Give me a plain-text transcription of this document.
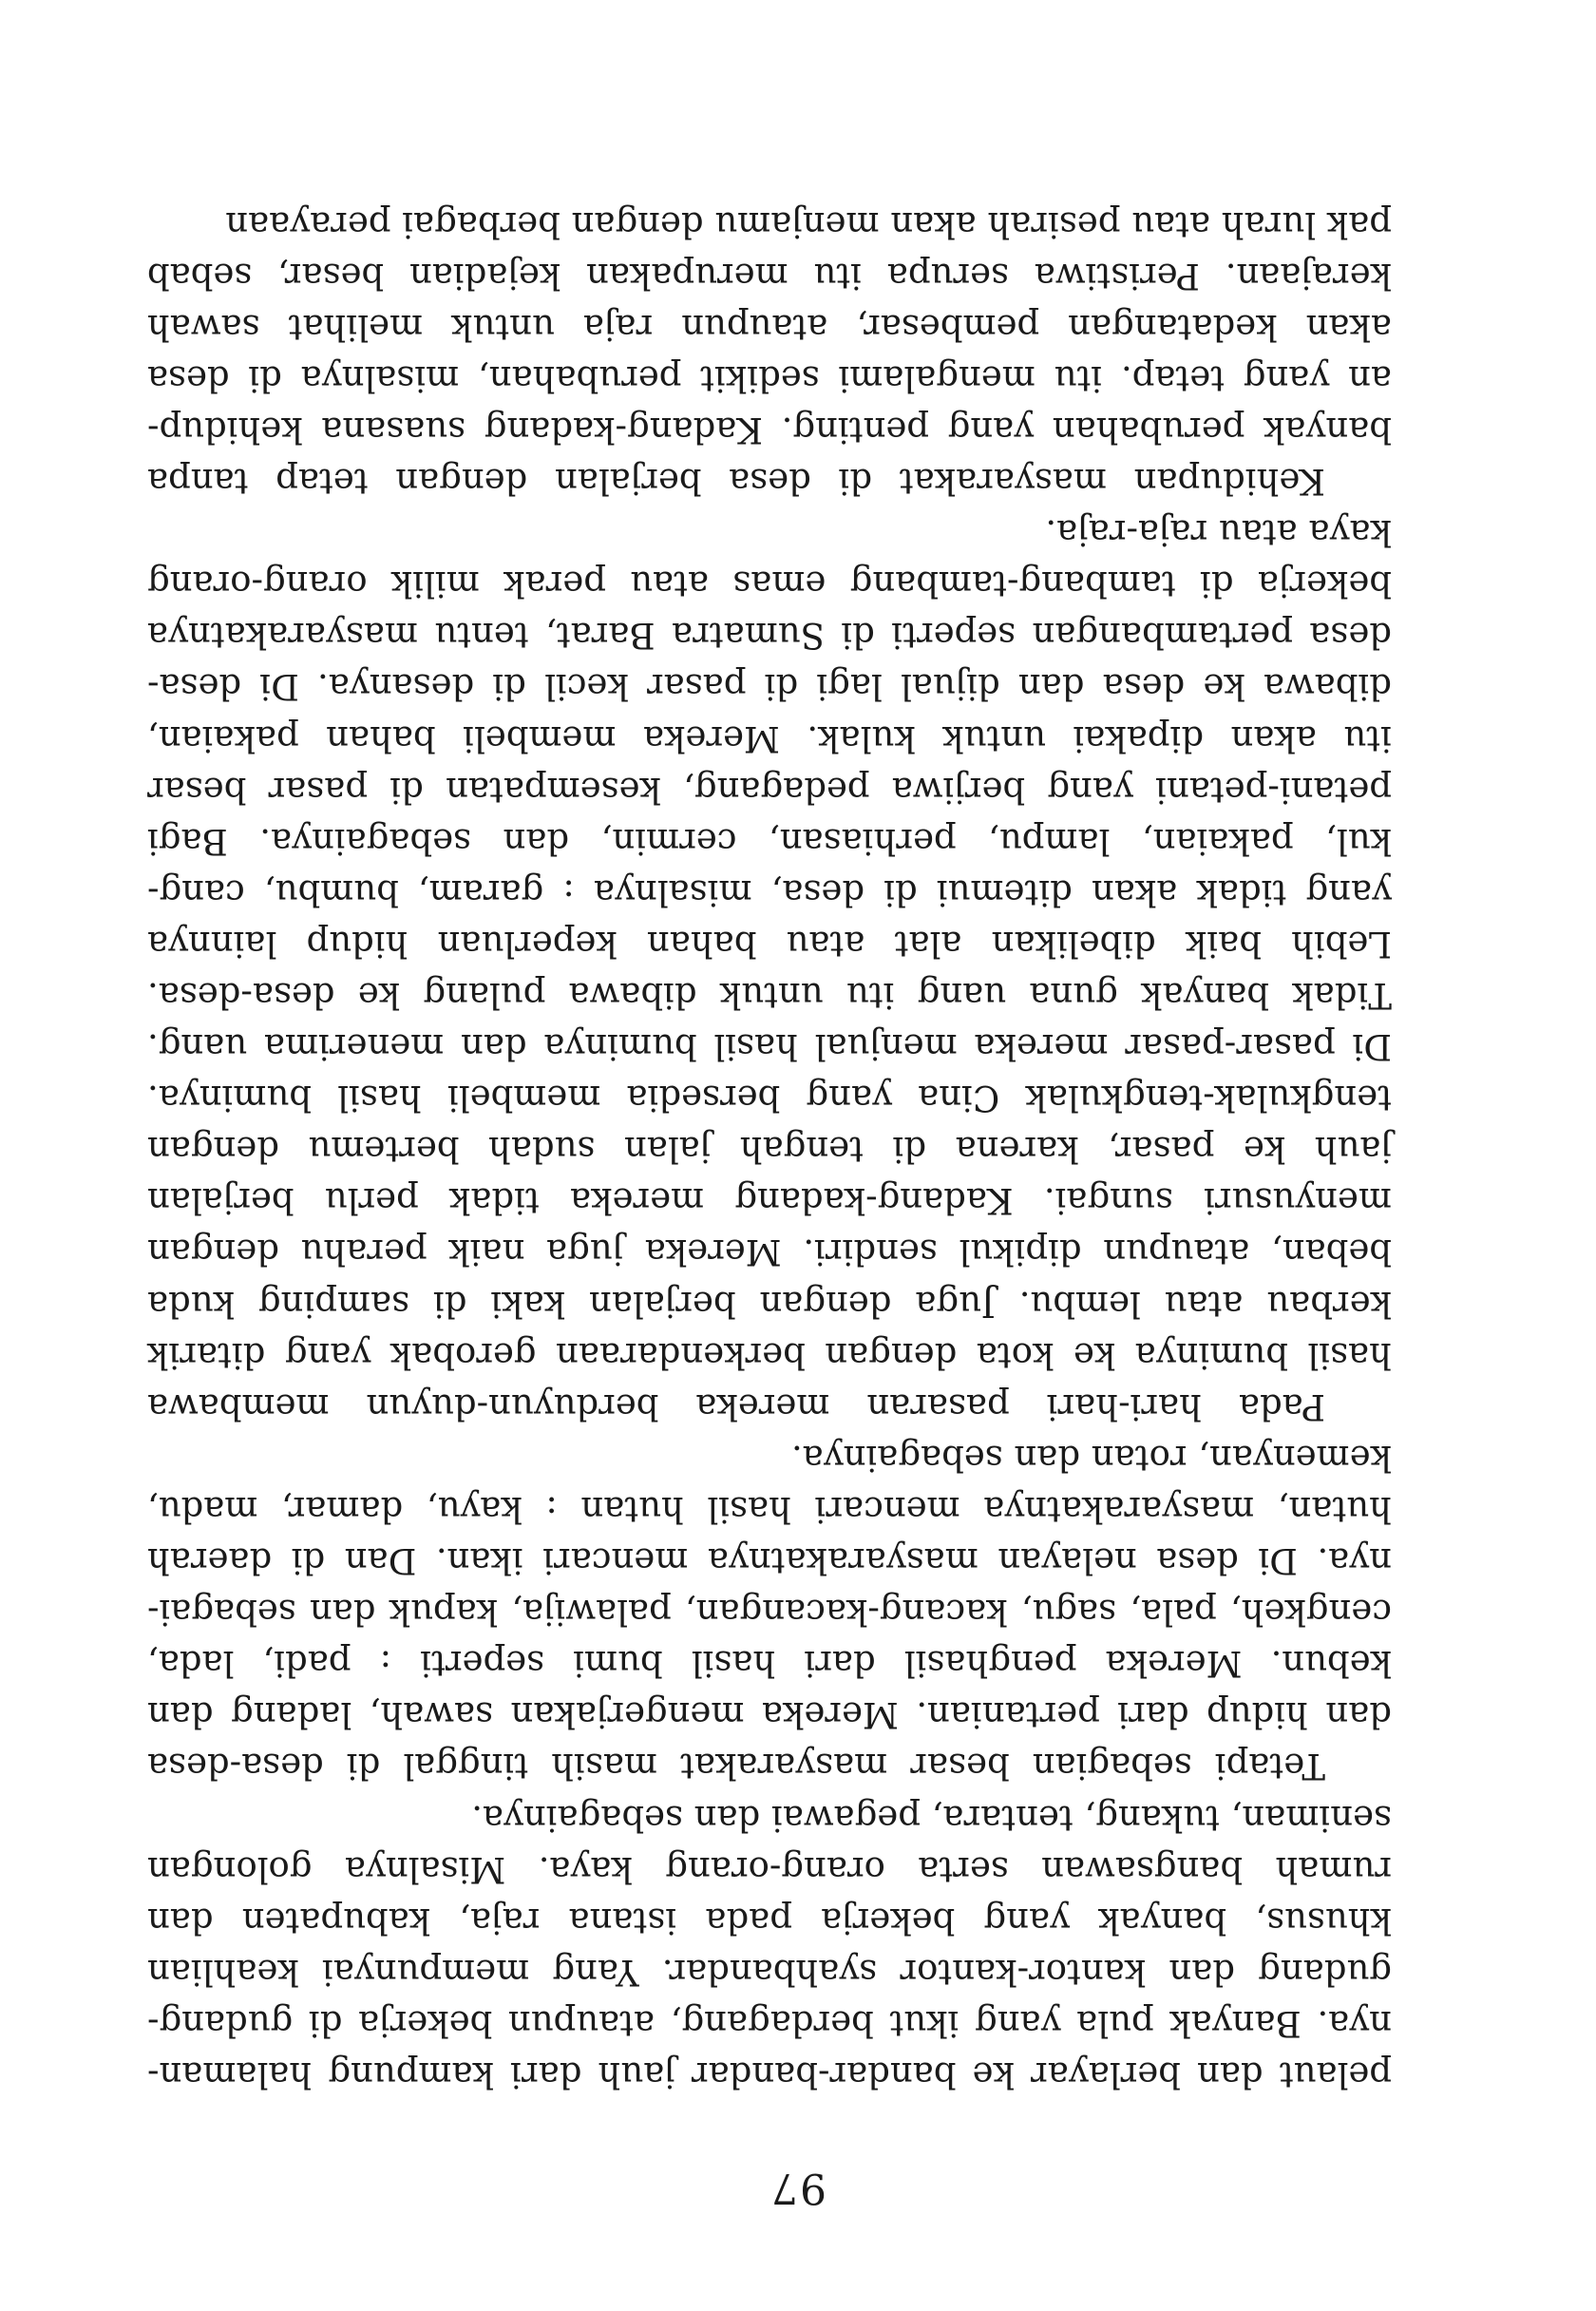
97
pelaut dan berlayar ke bandar-bandar jauh dari kampung halaman-
nya. Banyak pula yang ikut berdagang, ataupun bekerja di gudang-
gudang dan kantor-kantor syahbandar. Yang mempunyai keahlian
khusus, banyak yang bekerja pada istana raja, kabupaten dan
rumah bangsawan serta orang-orang kaya. Misalnya golongan
seniman, tukang, tentara, pegawai dan sebagainya.
Tetapi sebagian besar masyarakat masih tinggal di desa-desa
dan hidup dari pertanian. Mereka mengerjakan sawah, ladang dan
kebun. Mereka penghasil dari hasil bumi seperti : padi, lada,
cengkeh, pala, sagu, kacang-kacangan, palawija, kapuk dan sebagai-
nya. Di desa nelayan masyarakatnya mencari ikan. Dan di daerah
hutan, masyarakatnya mencari hasil hutan : kayu, damar, madu,
kemenyan, rotan dan sebagainya.
Pada hari-hari pasaran mereka berduyun-duyun membawa
hasil buminya ke kota dengan berkendaraan gerobak yang ditarik
kerbau atau lembu. Juga dengan berjalan kaki di samping kuda
beban, ataupun dipikul sendiri. Mereka juga naik perahu dengan
menyusuri sungai. Kadang-kadang mereka tidak perlu berjalan
jauh ke pasar, karena di tengah jalan sudah bertemu dengan
tengkulak-tengkulak Cina yang bersedia membeli hasil buminya.
Di pasar-pasar mereka menjual hasil buminya dan menerima uang.
Tidak banyak guna uang itu untuk dibawa pulang ke desa-desa.
Lebih baik dibelikan alat atau bahan keperluan hidup lainnya
yang tidak akan ditemui di desa, misalnya : garam, bumbu, cang-
kul, pakaian, lampu, perhiasan, cermin, dan sebagainya. Bagi
petani-petani yang berjiwa pedagang, kesempatan di pasar besar
itu akan dipakai untuk kulak. Mereka membeli bahan pakaian,
dibawa ke desa dan dijual lagi di pasar kecil di desanya. Di desa-
desa pertambangan seperti di Sumatra Barat, tentu masyarakatnya
bekerja di tambang-tambang emas atau perak milik orang-orang
kaya atau raja-raja.
Kehidupan masyarakat di desa berjalan dengan tetap tanpa
banyak perubahan yang penting. Kadang-kadang suasana kehidup-
an yang tetap. itu mengalami sedikit perubahan, misalnya di desa
akan kedatangan pembesar, ataupun raja untuk melihat sawah
kerajaan. Peristiwa serupa itu merupakan kejadian besar, sebab
pak lurah atau pesirah akan menjamu dengan berbagai perayaan
